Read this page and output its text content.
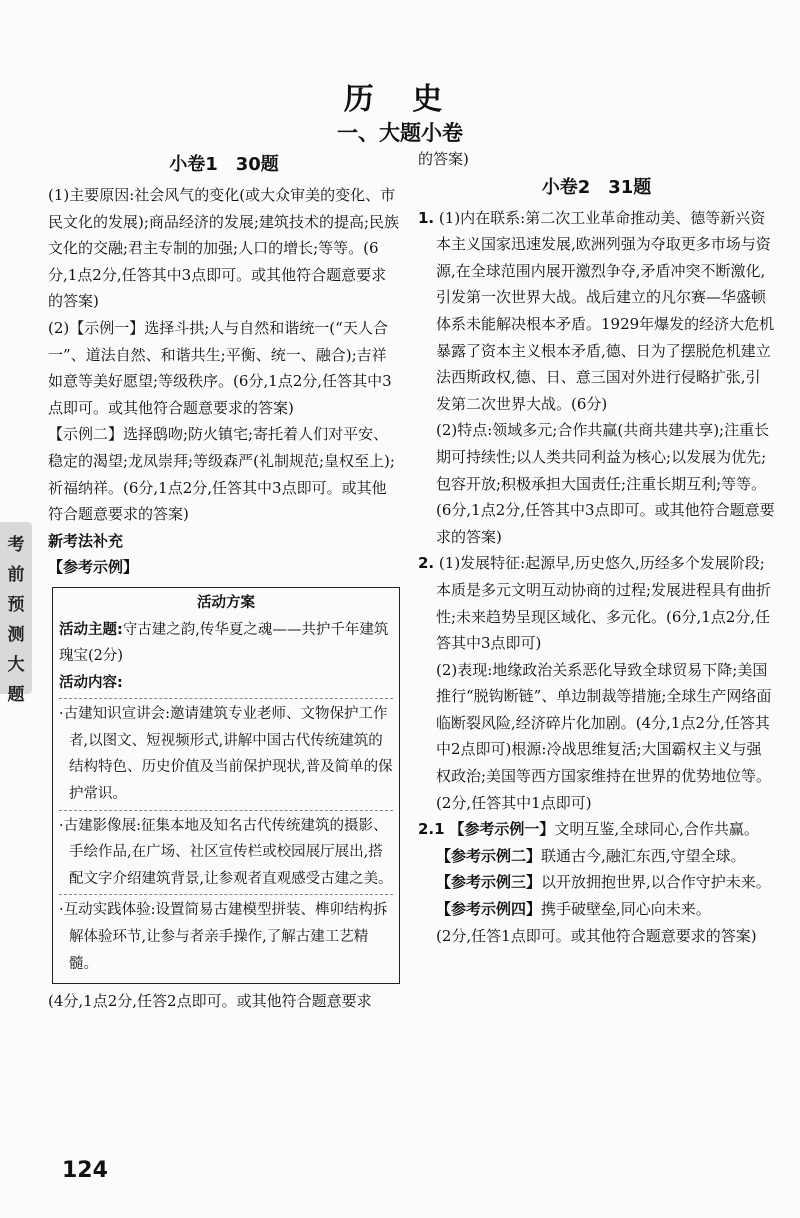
历 史
一、大题小卷
小卷1　30题

(1)主要原因:社会风气的变化(或大众审美的变化、市民文化的发展);商品经济的发展;建筑技术的提高;民族文化的交融;君主专制的加强;人口的增长;等等。(6分,1点2分,任答其中3点即可。或其他符合题意要求的答案)

(2)【示例一】选择斗拱;人与自然和谐统一(“天人合一”、道法自然、和谐共生;平衡、统一、融合);吉祥如意等美好愿望;等级秩序。(6分,1点2分,任答其中3点即可。或其他符合题意要求的答案)

【示例二】选择鸱吻;防火镇宅;寄托着人们对平安、稳定的渴望;龙凤崇拜;等级森严(礼制规范;皇权至上);祈福纳祥。(6分,1点2分,任答其中3点即可。或其他符合题意要求的答案)

新考法补充

【参考示例】

活动方案
活动主题:守古建之韵,传华夏之魂——共护千年建筑瑰宝(2分)
活动内容:
·古建知识宣讲会:邀请建筑专业老师、文物保护工作者,以图文、短视频形式,讲解中国古代传统建筑的结构特色、历史价值及当前保护现状,普及简单的保护常识。
·古建影像展:征集本地及知名古代传统建筑的摄影、手绘作品,在广场、社区宣传栏或校园展厅展出,搭配文字介绍建筑背景,让参观者直观感受古建之美。
·互动实践体验:设置简易古建模型拼装、榫卯结构拆解体验环节,让参与者亲手操作,了解古建工艺精髓。

(4分,1点2分,任答2点即可。或其他符合题意要求

的答案)

小卷2　31题
1. (1)内在联系:第二次工业革命推动美、德等新兴资本主义国家迅速发展,欧洲列强为夺取更多市场与资源,在全球范围内展开激烈争夺,矛盾冲突不断激化,引发第一次世界大战。战后建立的凡尔赛—华盛顿体系未能解决根本矛盾。1929年爆发的经济大危机暴露了资本主义根本矛盾,德、日为了摆脱危机建立法西斯政权,德、日、意三国对外进行侵略扩张,引发第二次世界大战。(6分)

(2)特点:领域多元;合作共赢(共商共建共享);注重长期可持续性;以人类共同利益为核心;以发展为优先;包容开放;积极承担大国责任;注重长期互利;等等。(6分,1点2分,任答其中3点即可。或其他符合题意要求的答案)

2. (1)发展特征:起源早,历史悠久,历经多个发展阶段;本质是多元文明互动协商的过程;发展进程具有曲折性;未来趋势呈现区域化、多元化。(6分,1点2分,任答其中3点即可)

(2)表现:地缘政治关系恶化导致全球贸易下降;美国推行“脱钩断链”、单边制裁等措施;全球生产网络面临断裂风险,经济碎片化加剧。(4分,1点2分,任答其中2点即可)根源:冷战思维复活;大国霸权主义与强权政治;美国等西方国家维持在世界的优势地位等。(2分,任答其中1点即可)

2.1 【参考示例一】文明互鉴,全球同心,合作共赢。

【参考示例二】联通古今,融汇东西,守望全球。

【参考示例三】以开放拥抱世界,以合作守护未来。

【参考示例四】携手破壁垒,同心向未来。

(2分,任答1点即可。或其他符合题意要求的答案)

考前预测大题
124
